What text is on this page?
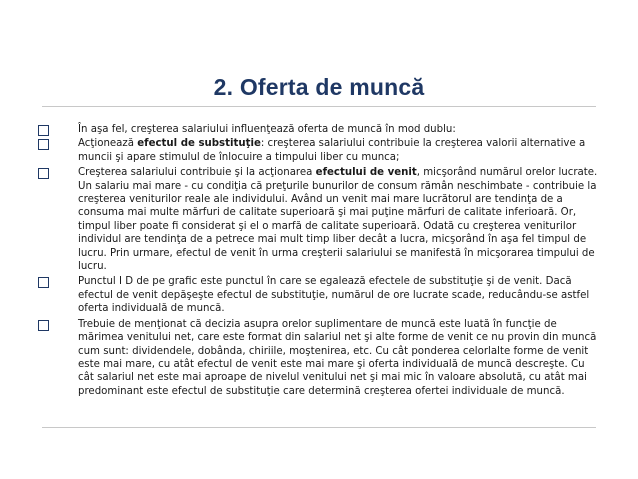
2. Oferta de muncă
În aşa fel, creşterea salariului influenţează oferta de muncă în mod dublu:
Acţionează efectul de substituţie: creşterea salariului contribuie la creşterea valorii alternative a muncii şi apare stimulul de înlocuire a timpului liber cu munca;
Creşterea salariului contribuie şi la acţionarea efectului de venit, micşorând numărul orelor lucrate. Un salariu mai mare - cu condiţia că preţurile bunurilor de consum rămân neschimbate - contribuie la creşterea veniturilor reale ale individului. Având un venit mai mare lucrătorul are tendinţa de a consuma mai multe mărfuri de calitate superioară şi mai puţine mărfuri de calitate inferioară. Or, timpul liber poate fi considerat şi el o marfă de calitate superioară. Odată cu creşterea veniturilor individul are tendinţa de a petrece mai mult timp liber decât a lucra, micşorând în aşa fel timpul de lucru. Prin urmare, efectul de venit în urma creşterii salariului se manifestă în micşorarea timpului de lucru.
Punctul I D de pe grafic este punctul în care se egalează efectele de substituţie şi de venit. Dacă efectul de venit depăşeşte efectul de substituţie, numărul de ore lucrate scade, reducându-se astfel oferta individuală de muncă.
Trebuie de menţionat că decizia asupra orelor suplimentare de muncă este luată în funcţie de mărimea venitului net, care este format din salariul net şi alte forme de venit ce nu provin din muncă cum sunt: dividendele, dobânda, chiriile, moştenirea, etc. Cu cât ponderea celorlalte forme de venit este mai mare, cu atât efectul de venit este mai mare şi oferta individuală de muncă descreşte. Cu cât salariul net este mai aproape de nivelul venitului net şi mai mic în valoare absolută, cu atât mai predominant este efectul de substituţie care determină creşterea ofertei individuale de muncă.
